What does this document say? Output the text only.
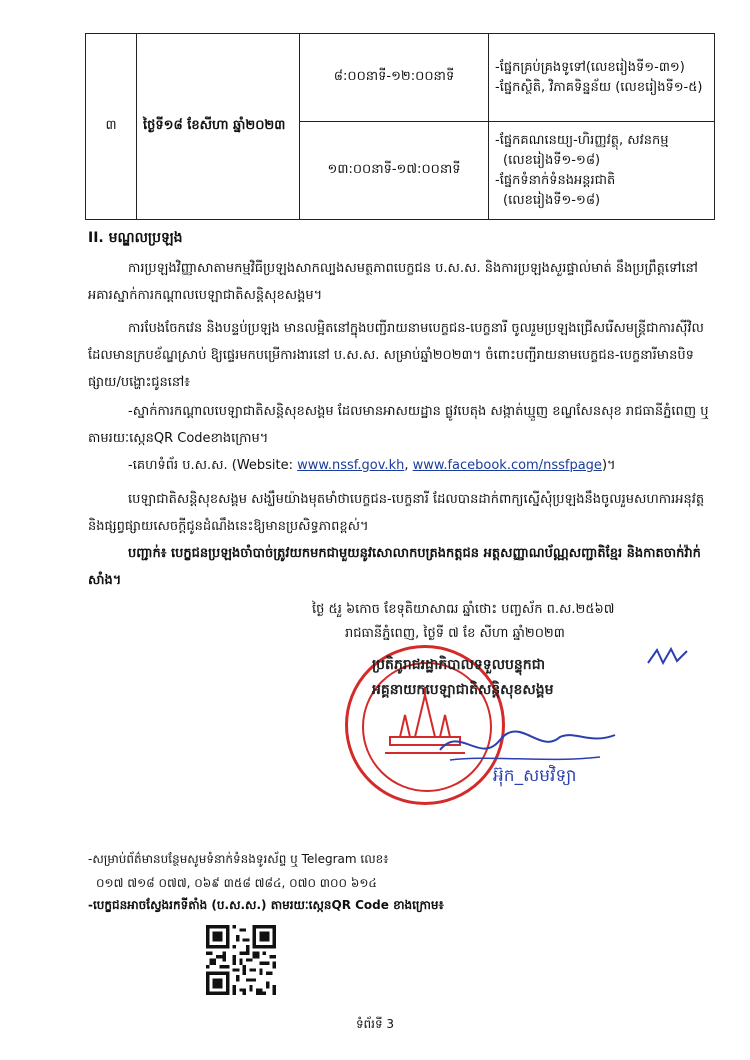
៣	ថ្ងៃទី១៨ ខែសីហា ឆ្នាំ២០២៣	៨:០០នាទី-១២:០០នាទី	-ផ្នែកគ្រប់គ្រងទូទៅ(លេខរៀងទី១-៣១)

-ផ្នែកស្ថិតិ, វិភាគទិន្នន័យ (លេខរៀងទី១-៥)

		១៣:០០នាទី-១៧:០០នាទី	-ផ្នែកគណនេយ្យ-ហិរញ្ញវត្ថុ, សវនកម្ម

(លេខរៀងទី១-១៨)

-ផ្នែកទំនាក់ទំនងអន្តរជាតិ

(លេខរៀងទី១-១៨)

II. មណ្ឌលប្រឡង
ការប្រឡងវិញ្ញាសាតាមកម្មវិធីប្រឡងសាកល្បងសមត្ថភាពបេក្ខជន ប.ស.ស. និងការប្រឡងសួរផ្ទាល់មាត់ នឹងប្រព្រឹត្តទៅនៅអគារស្នាក់ការកណ្តាលបេឡាជាតិសន្តិសុខសង្គម។
ការបែងចែកវេន និងបន្ទប់ប្រឡង មានលម្អិតនៅក្នុងបញ្ជីរាយនាមបេក្ខជន-បេក្ខនារី ចូលរួមប្រឡងជ្រើសរើសមន្ត្រីជាការស៊ីវិលដែលមានក្របខ័ណ្ឌស្រាប់ ឱ្យផ្ទេរមកបម្រើការងារនៅ ប.ស.ស. សម្រាប់ឆ្នាំ២០២៣។ ចំពោះបញ្ជីរាយនាមបេក្ខជន-បេក្ខនារីមានបិទផ្សាយ/បង្ហោះជូននៅ៖
-ស្នាក់ការកណ្តាលបេឡាជាតិសន្តិសុខសង្គម ដែលមានអាសយដ្ឋាន ផ្លូវបេតុង សង្កាត់ឃ្មួញ ខណ្ឌសែនសុខ រាជធានីភ្នំពេញ ឬតាមរយៈស្កេនQR Codeខាងក្រោម។
-គេហទំព័រ ប.ស.ស. (Website: www.nssf.gov.kh, www.facebook.com/nssfpage)។
បេឡាជាតិសន្តិសុខសង្គម សង្ឃឹមយ៉ាងមុតមាំថាបេក្ខជន-បេក្ខនារី ដែលបានដាក់ពាក្យស្នើសុំប្រឡងនឹងចូលរួមសហការអនុវត្ត និងផ្សព្វផ្សាយសេចក្តីជូនដំណឹងនេះឱ្យមានប្រសិទ្ធភាពខ្ពស់។
បញ្ជាក់៖ បេក្ខជនប្រឡងចាំបាច់ត្រូវយកមកជាមួយនូវសោលាកបត្រងកត្តជន អត្តសញ្ញាណប័ណ្ណសញ្ជាតិខ្មែរ និងកាតចាក់វ៉ាក់សាំង។
ថ្ងៃ ៥រួ ៦កោច ខែទុតិយាសាឍ ឆ្នាំថោះ បញ្ចស័ក ព.ស.២៥៦៧
រាជធានីភ្នំពេញ, ថ្ងៃទី ៧ ខែ សីហា ឆ្នាំ២០២៣
ប្រតិភូរាជរដ្ឋាភិបាលទទួលបន្ទុកជា
អគ្គនាយកបេឡាជាតិសន្តិសុខសង្គម
អ៊ុក_សមវិទ្យា
-សម្រាប់ព័ត៌មានបន្ថែមសូមទំនាក់ទំនងទូរស័ព្ទ ឬ Telegram លេខ៖
០១៧ ៧១៨ ០៧៧, ០៦៩ ៣៥៨ ៧៨៤, ០៧០ ៣០០ ៦១៤
-បេក្ខជនអាចស្វែងរកទីតាំង (ប.ស.ស.) តាមរយៈស្កេនQR Code ខាងក្រោម៖
ទំព័រទី 3
